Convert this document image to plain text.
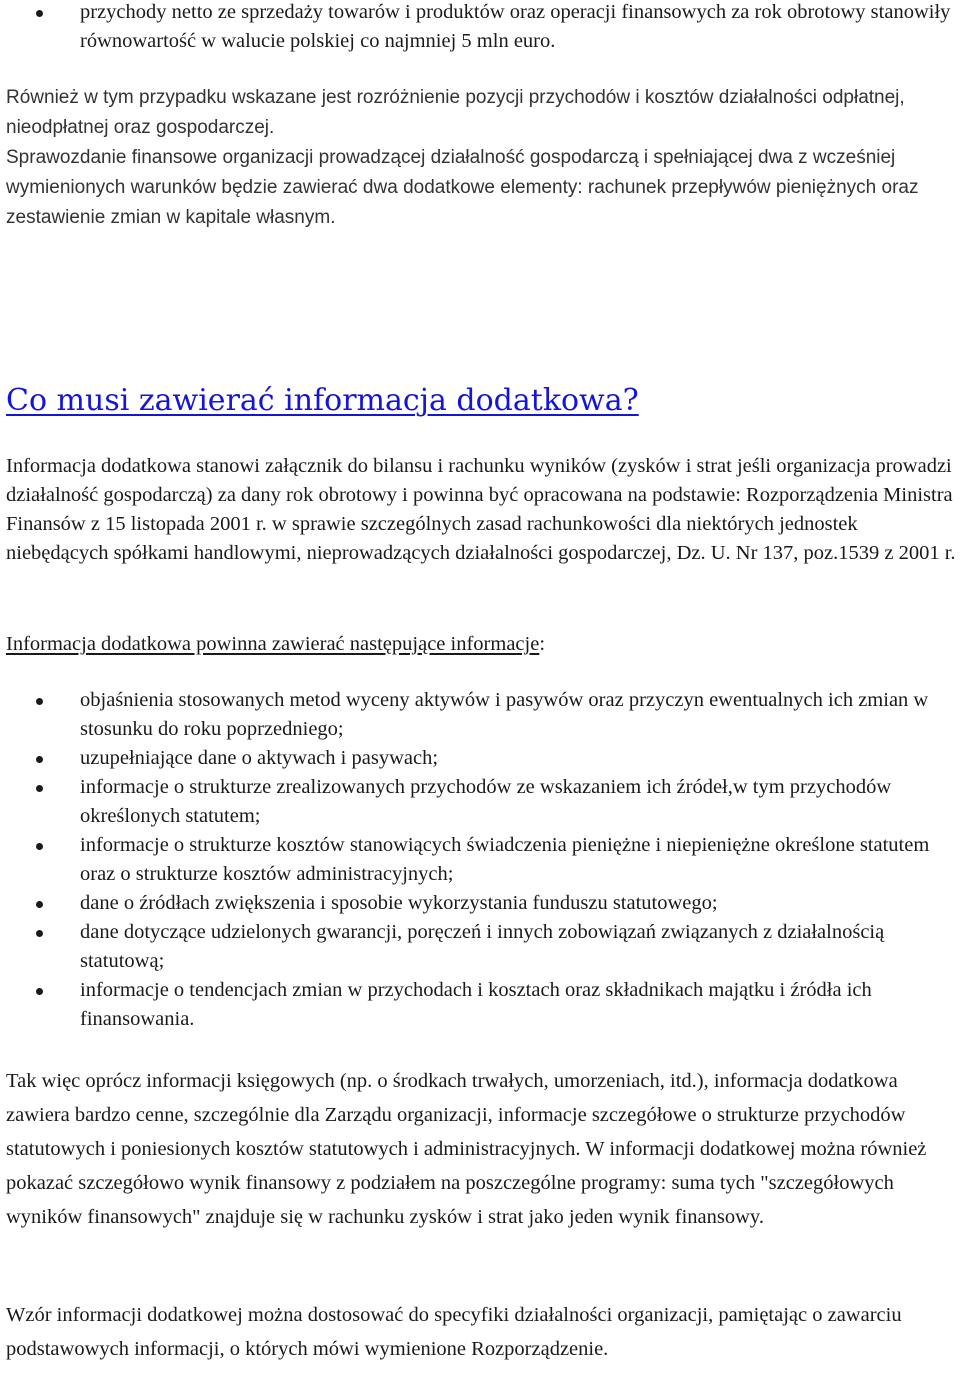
przychody netto ze sprzedaży towarów i produktów oraz operacji finansowych za rok obrotowy stanowiły równowartość w walucie polskiej co najmniej 5 mln euro.

Również w tym przypadku wskazane jest rozróżnienie pozycji przychodów i kosztów działalności odpłatnej, nieodpłatnej oraz gospodarczej.

Sprawozdanie finansowe organizacji prowadzącej działalność gospodarczą i spełniającej dwa z wcześniej wymienionych warunków będzie zawierać dwa dodatkowe elementy: rachunek przepływów pieniężnych oraz zestawienie zmian w kapitale własnym.

Co musi zawierać informacja dodatkowa?

Informacja dodatkowa stanowi załącznik do bilansu i rachunku wyników (zysków i strat jeśli organizacja prowadzi działalność gospodarczą) za dany rok obrotowy i powinna być opracowana na podstawie: Rozporządzenia Ministra Finansów z 15 listopada 2001 r. w sprawie szczególnych zasad rachunkowości dla niektórych jednostek niebędących spółkami handlowymi, nieprowadzących działalności gospodarczej, Dz. U. Nr 137, poz.1539 z 2001 r.

Informacja dodatkowa powinna zawierać następujące informacje:

objaśnienia stosowanych metod wyceny aktywów i pasywów oraz przyczyn ewentualnych ich zmian w stosunku do roku poprzedniego;
uzupełniające dane o aktywach i pasywach;
informacje o strukturze zrealizowanych przychodów ze wskazaniem ich źródeł,w tym przychodów określonych statutem;
informacje o strukturze kosztów stanowiących świadczenia pieniężne i niepieniężne określone statutem oraz o strukturze kosztów administracyjnych;
dane o źródłach zwiększenia i sposobie wykorzystania funduszu statutowego;
dane dotyczące udzielonych gwarancji, poręczeń i innych zobowiązań związanych z działalnością statutową;
informacje o tendencjach zmian w przychodach i kosztach oraz składnikach majątku i źródła ich finansowania.

Tak więc oprócz informacji księgowych (np. o środkach trwałych, umorzeniach, itd.), informacja dodatkowa zawiera bardzo cenne, szczególnie dla Zarządu organizacji, informacje szczegółowe o strukturze przychodów statutowych i poniesionych kosztów statutowych i administracyjnych. W informacji dodatkowej można również pokazać szczegółowo wynik finansowy z podziałem na poszczególne programy: suma tych "szczegółowych wyników finansowych" znajduje się w rachunku zysków i strat jako jeden wynik finansowy.

Wzór informacji dodatkowej można dostosować do specyfiki działalności organizacji, pamiętając o zawarciu podstawowych informacji, o których mówi wymienione Rozporządzenie.
